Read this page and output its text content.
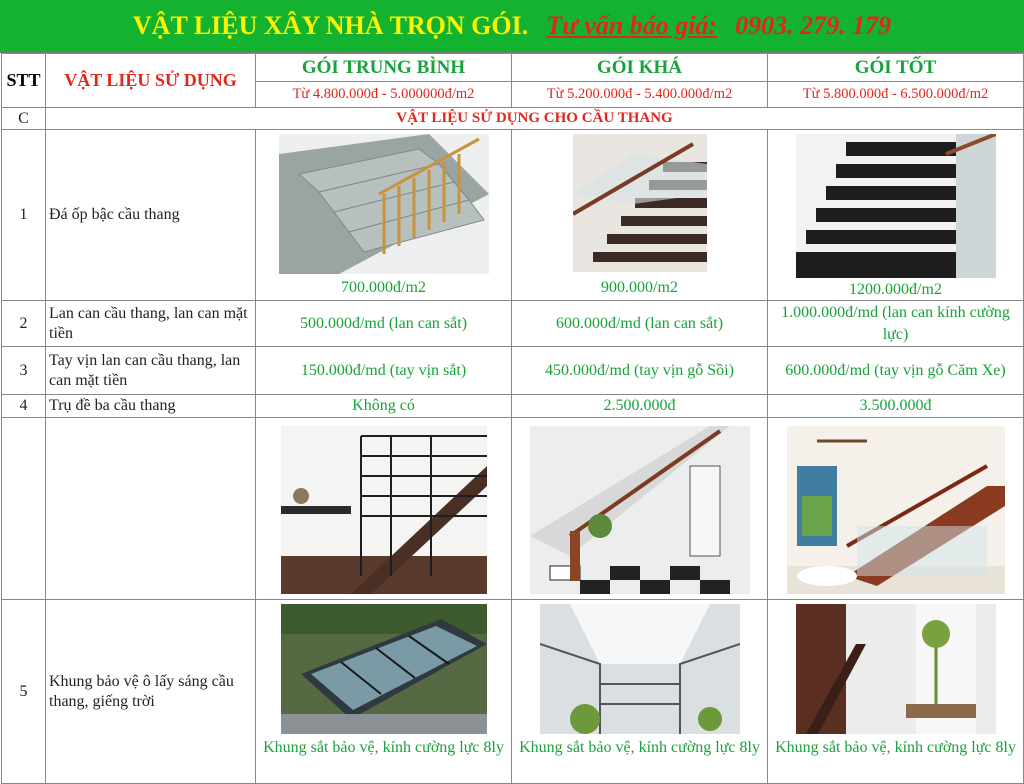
VẬT LIỆU XÂY NHÀ TRỌN GÓI. Tư vấn báo giá: 0903. 279. 179
STT	VẬT LIỆU SỬ DỤNG	GÓI TRUNG BÌNH	GÓI KHÁ	GÓI TỐT
		Từ 4.800.000đ - 5.000000đ/m2	Từ 5.200.000đ - 5.400.000đ/m2	Từ 5.800.000đ - 6.500.000đ/m2
C	VẬT LIỆU SỬ DỤNG CHO CẦU THANG			
1	Đá ốp bậc cầu thang	700.000đ/m2	900.000/m2	1200.000đ/m2

2	Lan can cầu thang, lan can mặt tiền	500.000đ/md (lan can sắt)	600.000đ/md (lan can sắt)	1.000.000đ/md (lan can kính cường lực)
3	Tay vịn lan can cầu thang, lan can mặt tiền	150.000đ/md (tay vịn sắt)	450.000đ/md (tay vịn gỗ Sồi)	600.000đ/md (tay vịn gỗ Căm Xe)
4	Trụ đề ba cầu thang	Không có	2.500.000đ	3.500.000đ

5	Khung bảo vệ ô lấy sáng cầu thang, giếng trời	Khung sắt bảo vệ, kính cường lực 8ly	Khung sắt bảo vệ, kính cường lực 8ly	Khung sắt bảo vệ, kính cường lực 8ly
